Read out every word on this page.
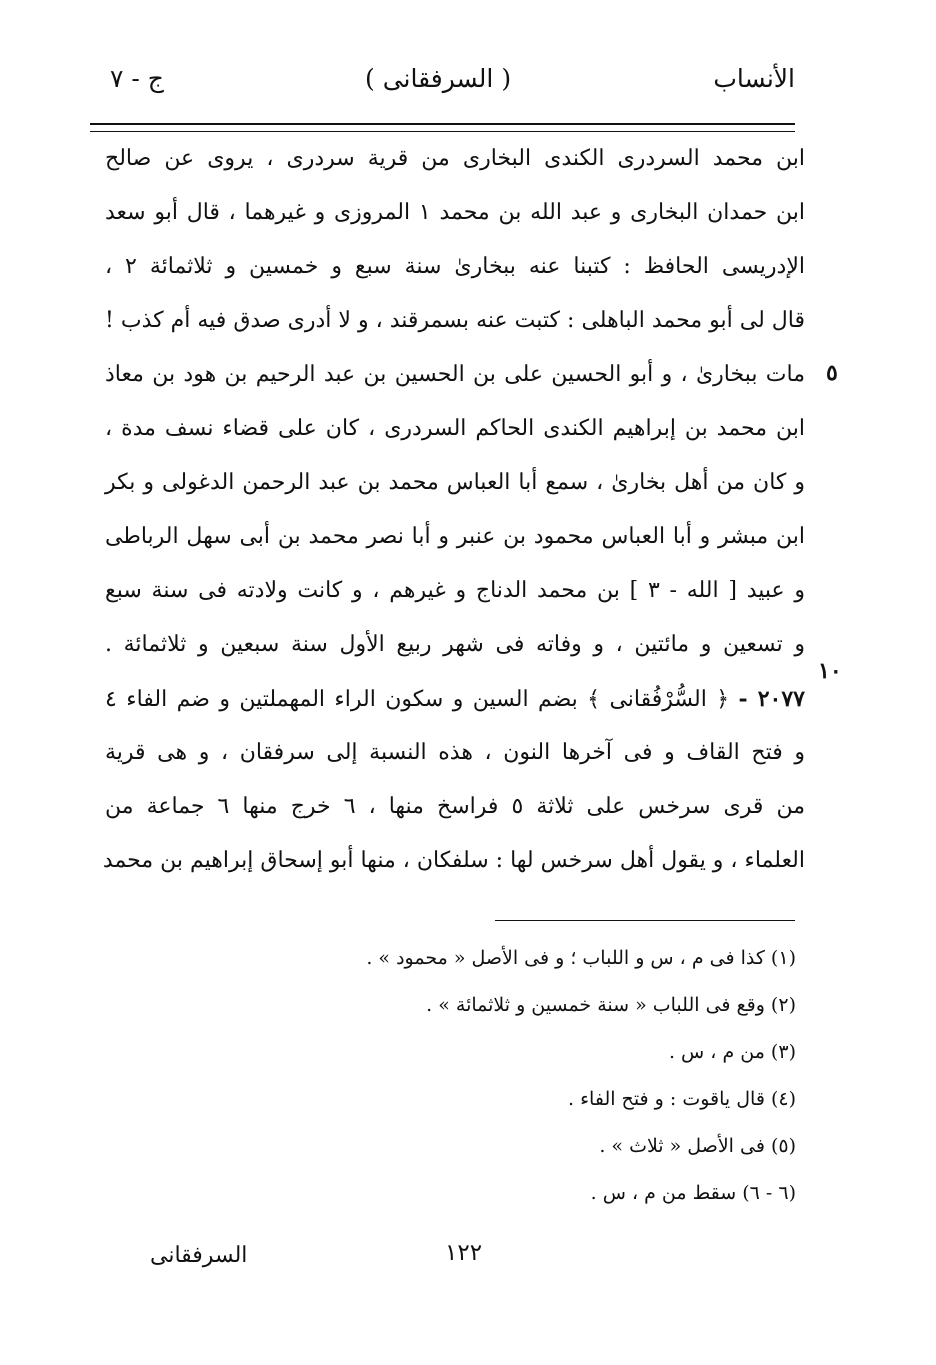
الأنساب
( السرفقانى )
ج - ٧
ابن محمد السردرى الكندى البخارى من قرية سردرى ، يروى عن صالح
ابن حمدان البخارى و عبد الله بن محمد ١ المروزى و غيرهما ، قال أبو سعد
الإدريسى الحافظ : كتبنا عنه ببخارىٰ سنة سبع و خمسين و ثلاثمائة ٢ ،
قال لى أبو محمد الباهلى : كتبت عنه بسمرقند ، و لا أدرى صدق فيه أم كذب !
مات ببخارىٰ ، و أبو الحسين على بن الحسين بن عبد الرحيم بن هود بن معاذ
ابن محمد بن إبراهيم الكندى الحاكم السردرى ، كان على قضاء نسف مدة ،
و كان من أهل بخارىٰ ، سمع أبا العباس محمد بن عبد الرحمن الدغولى و بكر
ابن مبشر و أبا العباس محمود بن عنبر و أبا نصر محمد بن أبى سهل الرباطى
و عبيد [ الله - ٣ ] بن محمد الدناج و غيرهم ، و كانت ولادته فى سنة سبع
و تسعين و مائتين ، و وفاته فى شهر ربيع الأول سنة سبعين و ثلاثمائة .
٢٠٧٧ - ﴿ السُّرْفُقانى ﴾ بضم السين و سكون الراء المهملتين و ضم الفاء ٤
و فتح القاف و فى آخرها النون ، هذه النسبة إلى سرفقان ، و هى قرية
من قرى سرخس على ثلاثة ٥ فراسخ منها ، ٦ خرج منها ٦ جماعة من
العلماء ، و يقول أهل سرخس لها : سلفكان ، منها أبو إسحاق إبراهيم بن محمد
٥
١٠
(١) كذا فى م ، س و اللباب ؛ و فى الأصل « محمود » .
(٢) وقع فى اللباب « سنة خمسين و ثلاثمائة » .
(٣) من م ، س .
(٤) قال ياقوت : و فتح الفاء .
(٥) فى الأصل « ثلاث » .
(٦ - ٦) سقط من م ، س .
١٢٢
السرفقانى
